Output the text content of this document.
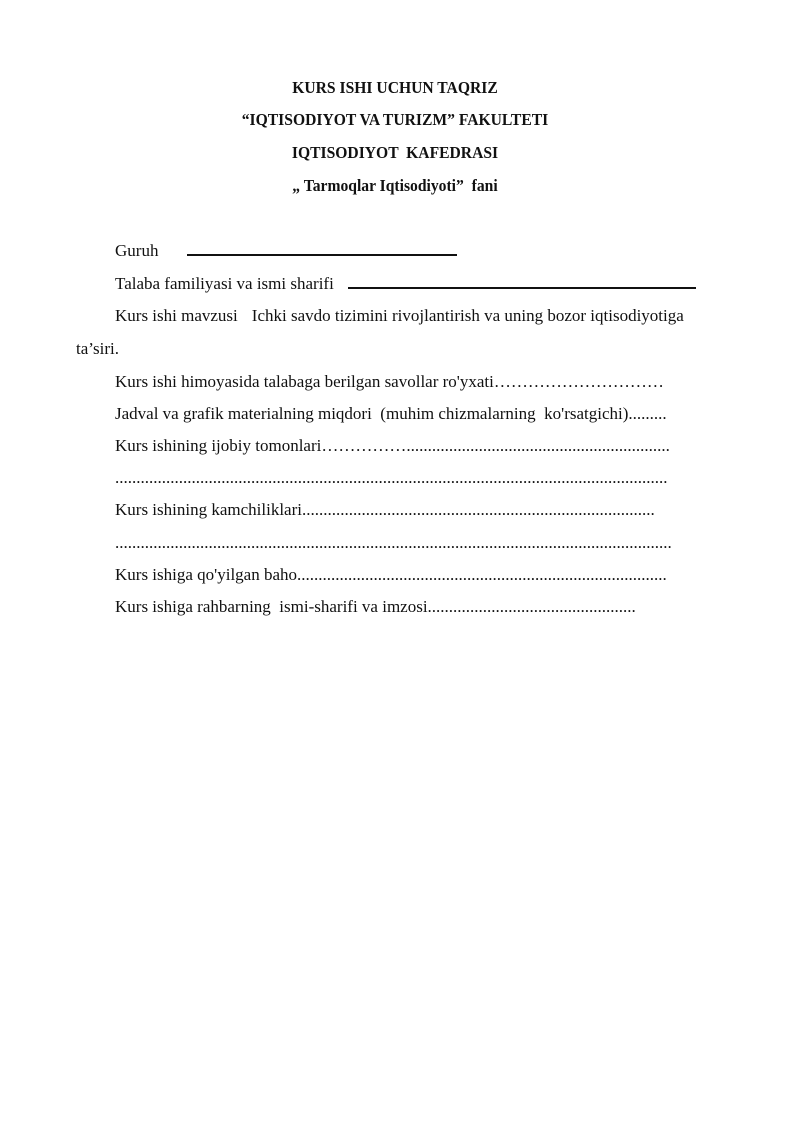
KURS ISHI UCHUN TAQRIZ
“IQTISODIYOT VA TURIZM” FAKULTETI
IQTISODIYOT  KAFEDRASI
„ Tarmoqlar Iqtisodiyoti”  fani
Guruh
Talaba familiyasi va ismi sharifi
Kurs ishi mavzusi Ichki savdo tizimini rivojlantirish va uning bozor iqtisodiyotiga
ta’siri.
Kurs ishi himoyasida talabaga berilgan savollar ro'yxati…………………………
Jadval va grafik materialning miqdori  (muhim chizmalarning  ko'rsatgichi).........
Kurs ishining ijobiy tomonlari……………..............................................................
..................................................................................................................................
Kurs ishining kamchiliklari...................................................................................
...................................................................................................................................
Kurs ishiga qo'yilgan baho.......................................................................................
Kurs ishiga rahbarning  ismi-sharifi va imzosi.................................................
